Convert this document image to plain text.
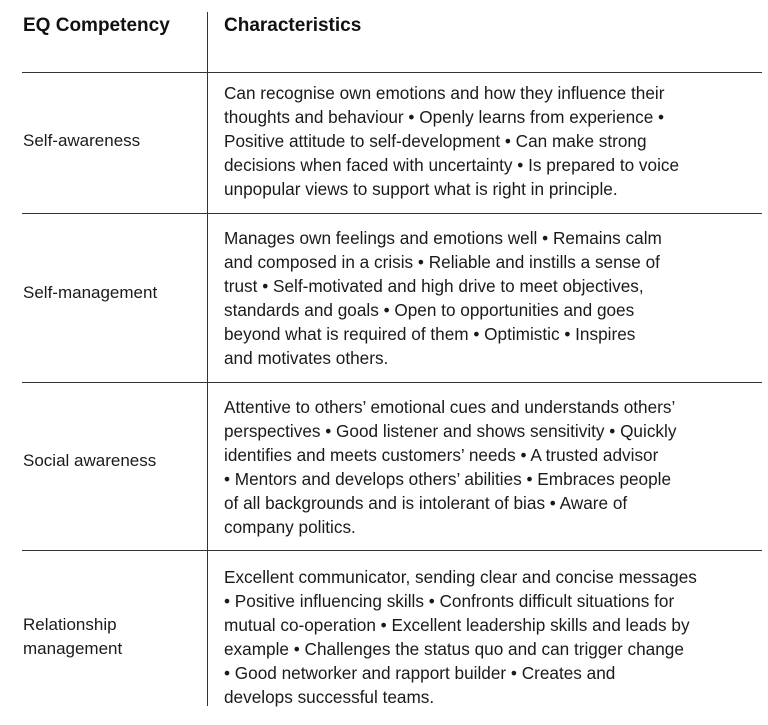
EQ Competency	Characteristics
Self-awareness
Can recognise own emotions and how they influence their
thoughts and behaviour • Openly learns from experience •
Positive attitude to self-development • Can make strong
decisions when faced with uncertainty • Is prepared to voice
unpopular views to support what is right in principle.
Self-management
Manages own feelings and emotions well • Remains calm
and composed in a crisis • Reliable and instills a sense of
trust • Self-motivated and high drive to meet objectives,
standards and goals • Open to opportunities and goes
beyond what is required of them • Optimistic • Inspires
and motivates others.
Social awareness
Attentive to others’ emotional cues and understands others’
perspectives • Good listener and shows sensitivity • Quickly
identifies and meets customers’ needs • A trusted advisor
• Mentors and develops others’ abilities • Embraces people
of all backgrounds and is intolerant of bias • Aware of
company politics.
Relationship
management
Excellent communicator, sending clear and concise messages
• Positive influencing skills • Confronts difficult situations for
mutual co-operation • Excellent leadership skills and leads by
example • Challenges the status quo and can trigger change
• Good networker and rapport builder • Creates and
develops successful teams.
